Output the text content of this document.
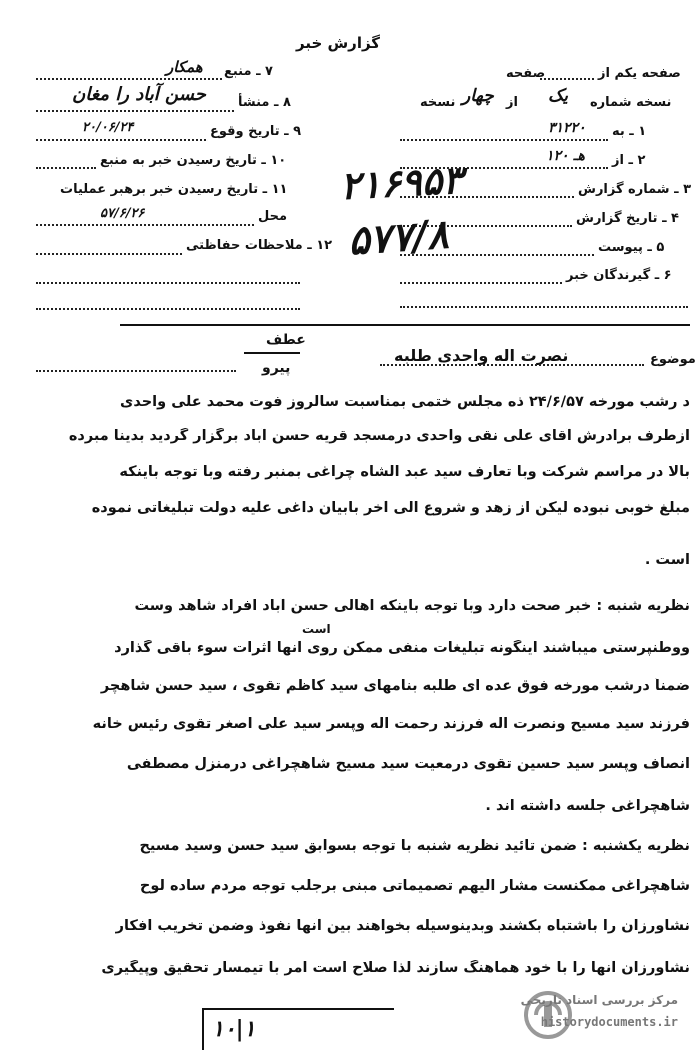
گزارش خبر
۷ ـ منبع
همکار
۸ ـ منشأ
حسن آباد را مغان
۹ ـ تاریخ وقوع
۲۰/۰۶/۲۴
۱۰ ـ تاریخ رسیدن خبر به منبع
۱۱ ـ تاریخ رسیدن خبر برهبر عملیات
محل
۵۷/۶/۲۶
۱۲ ـ ملاحظات حفاظتی
صفحه یکم از
صفحه
نسخه شماره
یک
از
چهار
نسخه
۱ ـ به
۳۱۲۲۰
۲ ـ از
۱۲۰ هـ
۳ ـ شماره گزارش
۴ ـ تاریخ گزارش
۵ ـ پیوست
۶ ـ گیرندگان خبر
۲۱۶۹۵۳
۵۷۷/۸
عطف
پیرو
موضوع
نصرت اله واحدی طلبه
د رشب مورخه ۲۴/۶/۵۷ ذه مجلس ختمی بمناسبت سالروز فوت محمد علی واحدی
ازطرف برادرش آقای علی نقی واحدی درمسجد قریه حسن آباد برگزار گردید بدینا مبرده
بالا در مراسم شرکت وبا تعارف سید عبد الشاه چراغی بمنبر رفته وبا توجه باینکه
مبلغ خوبی نبوده لیکن از زهد و شروع الی آخر بابیان داغی علیه دولت تبلیغاتی نموده
است .
نظریه شنبه : خبر صحت دارد وبا توجه باینکه اهالی حسن آباد افراد شاهد وست
است
ووطنپرستی میباشند اینگونه تبلیغات منفی ممکن روی آنها اثرات سوء باقی گذارد
ضمناً درشب مورخه فوق عده ای طلبه بنامهای سید کاظم تقوی ، سید حسن شاهچر
فرزند سید مسیح ونصرت اله فرزند رحمت اله وپسر سید علی اصغر تقوی رئیس خانه
انصاف وپسر سید حسین تقوی درمعیت سید مسیح شاهچراغی درمنزل مصطفی
شاهچراغی جلسه داشته اند .
نظریه یکشنبه : ضمن تائید نظریه شنبه با توجه بسوابق سید حسن وسید مسیح
شاهچراغی ممکنست مشار الیهم تصمیماتی مبنی برجلب توجه مردم ساده لوح
نشاورزان را باشتباه بکشند وبدینوسیله بخواهند بین آنها نفوذ وضمن تخریب افکار
نشاورزان آنها را با خود هماهنگ سازند لذا صلاح است امر با تیمسار تحقیق وپیگیری
۱۰|۱
مرکز بررسی اسناد تاریخی
historydocuments.ir
